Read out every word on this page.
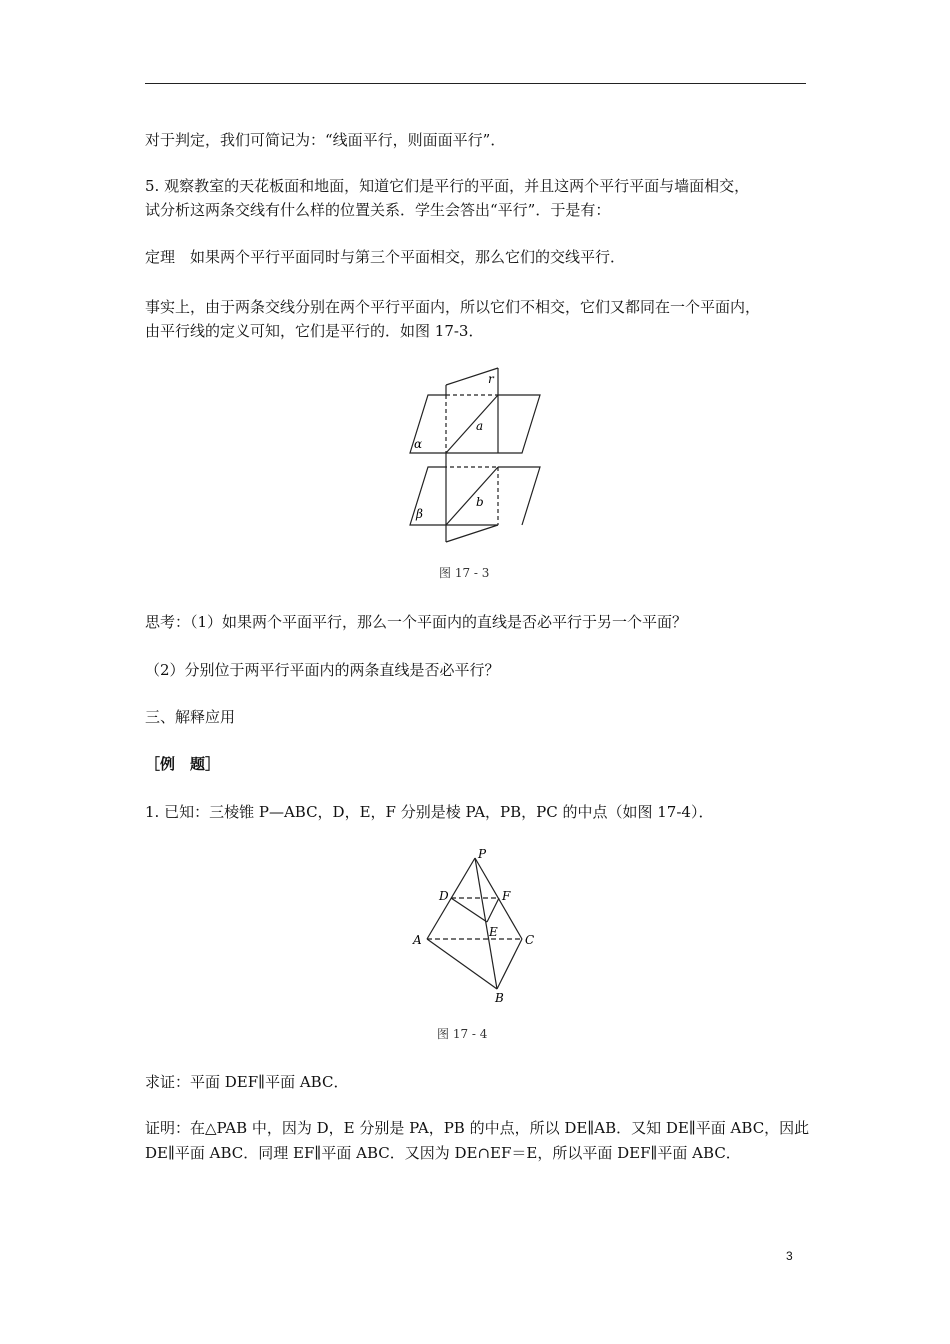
对于判定，我们可简记为：“线面平行，则面面平行”．
5. 观察教室的天花板面和地面，知道它们是平行的平面，并且这两个平行平面与墙面相交，
试分析这两条交线有什么样的位置关系．学生会答出“平行”．于是有：
定理　如果两个平行平面同时与第三个平面相交，那么它们的交线平行．
事实上，由于两条交线分别在两个平行平面内，所以它们不相交，它们又都同在一个平面内，
由平行线的定义可知，它们是平行的．如图 17-3．
r
α
a
β
b
图 17 - 3
思考：（1）如果两个平面平行，那么一个平面内的直线是否必平行于另一个平面？
（2）分别位于两平行平面内的两条直线是否必平行？
三、解释应用
［例　题］
1. 已知：三棱锥 P—ABC，D，E，F 分别是棱 PA，PB，PC 的中点（如图 17-4）．
P
D	F
E
A	C
B
图 17 - 4
求证：平面 DEF∥平面 ABC．
证明：在△PAB 中，因为 D，E 分别是 PA，PB 的中点，所以 DE∥AB．又知 DE∥平面 ABC，因此
DE∥平面 ABC．同理 EF∥平面 ABC．又因为 DE∩EF＝E，所以平面 DEF∥平面 ABC．
3
